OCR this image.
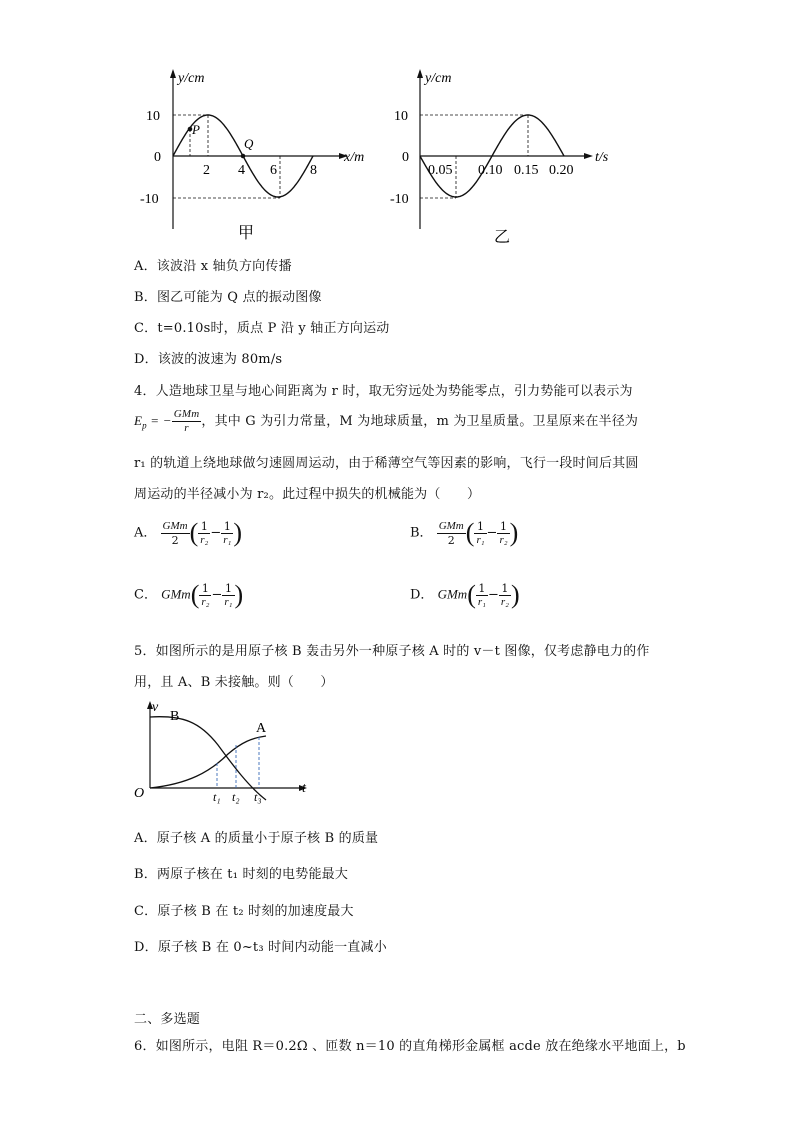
P
Q
y/cm
x/m
10
0
-10
2 4 6 8
甲
y/cm
t/s
10
0
-10
0.05 0.10 0.15 0.20
乙
A．该波沿 x 轴负方向传播
B．图乙可能为 Q 点的振动图像
C．t=0.10s时，质点 P 沿 y 轴正方向运动
D．该波的波速为 80m/s
4．人造地球卫星与地心间距离为 r 时，取无穷远处为势能零点，引力势能可以表示为
$E_p$ = − $\frac{\text{GMm}}{r}$ ，其中 G 为引力常量，M 为地球质量，m 为卫星质量。卫星原来在半径为
r₁ 的轨道上绕地球做匀速圆周运动，由于稀薄空气等因素的影响，飞行一段时间后其圆
周运动的半径减小为 r₂。此过程中损失的机械能为（　　）
A． $\frac{\text{GMm}}{2}$ ( $\frac{1}{\text{r₂}} - \frac{1}{\text{r₁}}$ )	B． $\frac{\text{GMm}}{2}$ ( $\frac{1}{\text{r₁}} - \frac{1}{\text{r₂}}$ )
C． $GMm( \frac{1}{\text{r₂}} - \frac{1}{\text{r₁}}$ )	D． $GMm( \frac{1}{\text{r₁}} - \frac{1}{\text{r₂}}$ )
5．如图所示的是用原子核 B 轰击另外一种原子核 A 时的 v－t 图像，仅考虑静电力的作
用，且 A、B 未接触。则（　　）
v
t
O
B
A
t₁ t₂ t₃
A．原子核 A 的质量小于原子核 B 的质量
B．两原子核在 t₁ 时刻的电势能最大
C．原子核 B 在 t₂ 时刻的加速度最大
D．原子核 B 在 0~t₃ 时间内动能一直减小
二、多选题
6．如图所示，电阻 R＝0.2Ω 、匝数 n＝10 的直角梯形金属框 acde 放在绝缘水平地面上，b
